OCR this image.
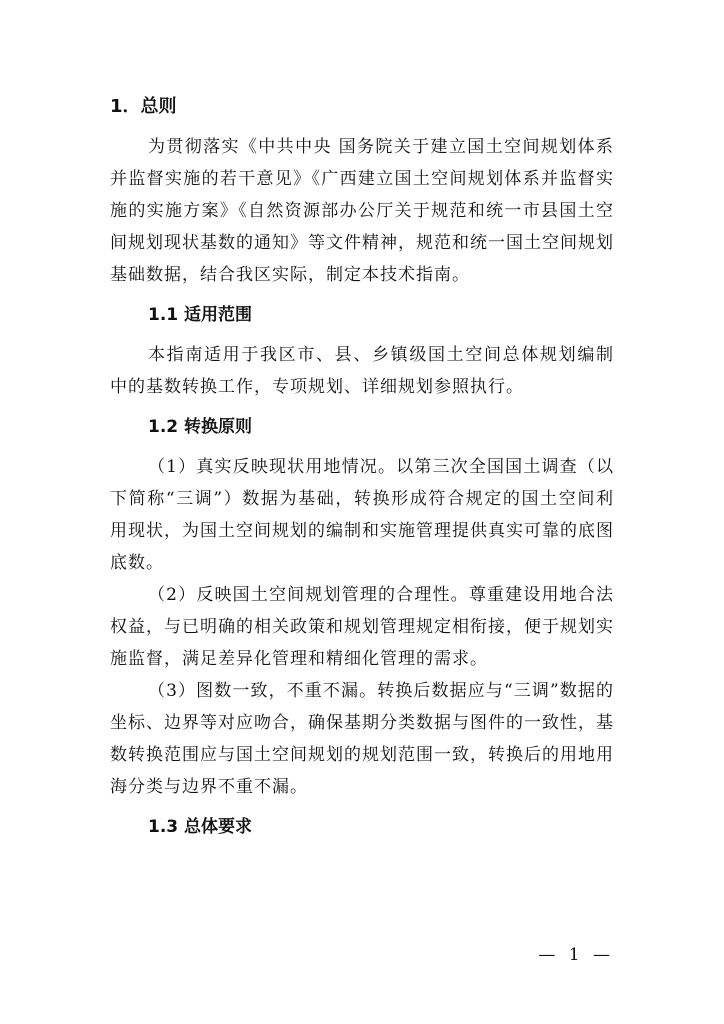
1．总则

为贯彻落实《中共中央 国务院关于建立国土空间规划体系并监督实施的若干意见》《广西建立国土空间规划体系并监督实施的实施方案》《自然资源部办公厅关于规范和统一市县国土空间规划现状基数的通知》等文件精神，规范和统一国土空间规划基础数据，结合我区实际，制定本技术指南。

1.1 适用范围

本指南适用于我区市、县、乡镇级国土空间总体规划编制中的基数转换工作，专项规划、详细规划参照执行。

1.2 转换原则

（1）真实反映现状用地情况。以第三次全国国土调查（以下简称“三调”）数据为基础，转换形成符合规定的国土空间利用现状，为国土空间规划的编制和实施管理提供真实可靠的底图底数。

（2）反映国土空间规划管理的合理性。尊重建设用地合法权益，与已明确的相关政策和规划管理规定相衔接，便于规划实施监督，满足差异化管理和精细化管理的需求。

（3）图数一致，不重不漏。转换后数据应与“三调”数据的坐标、边界等对应吻合，确保基期分类数据与图件的一致性，基数转换范围应与国土空间规划的规划范围一致，转换后的用地用海分类与边界不重不漏。

1.3 总体要求
— 1 —
